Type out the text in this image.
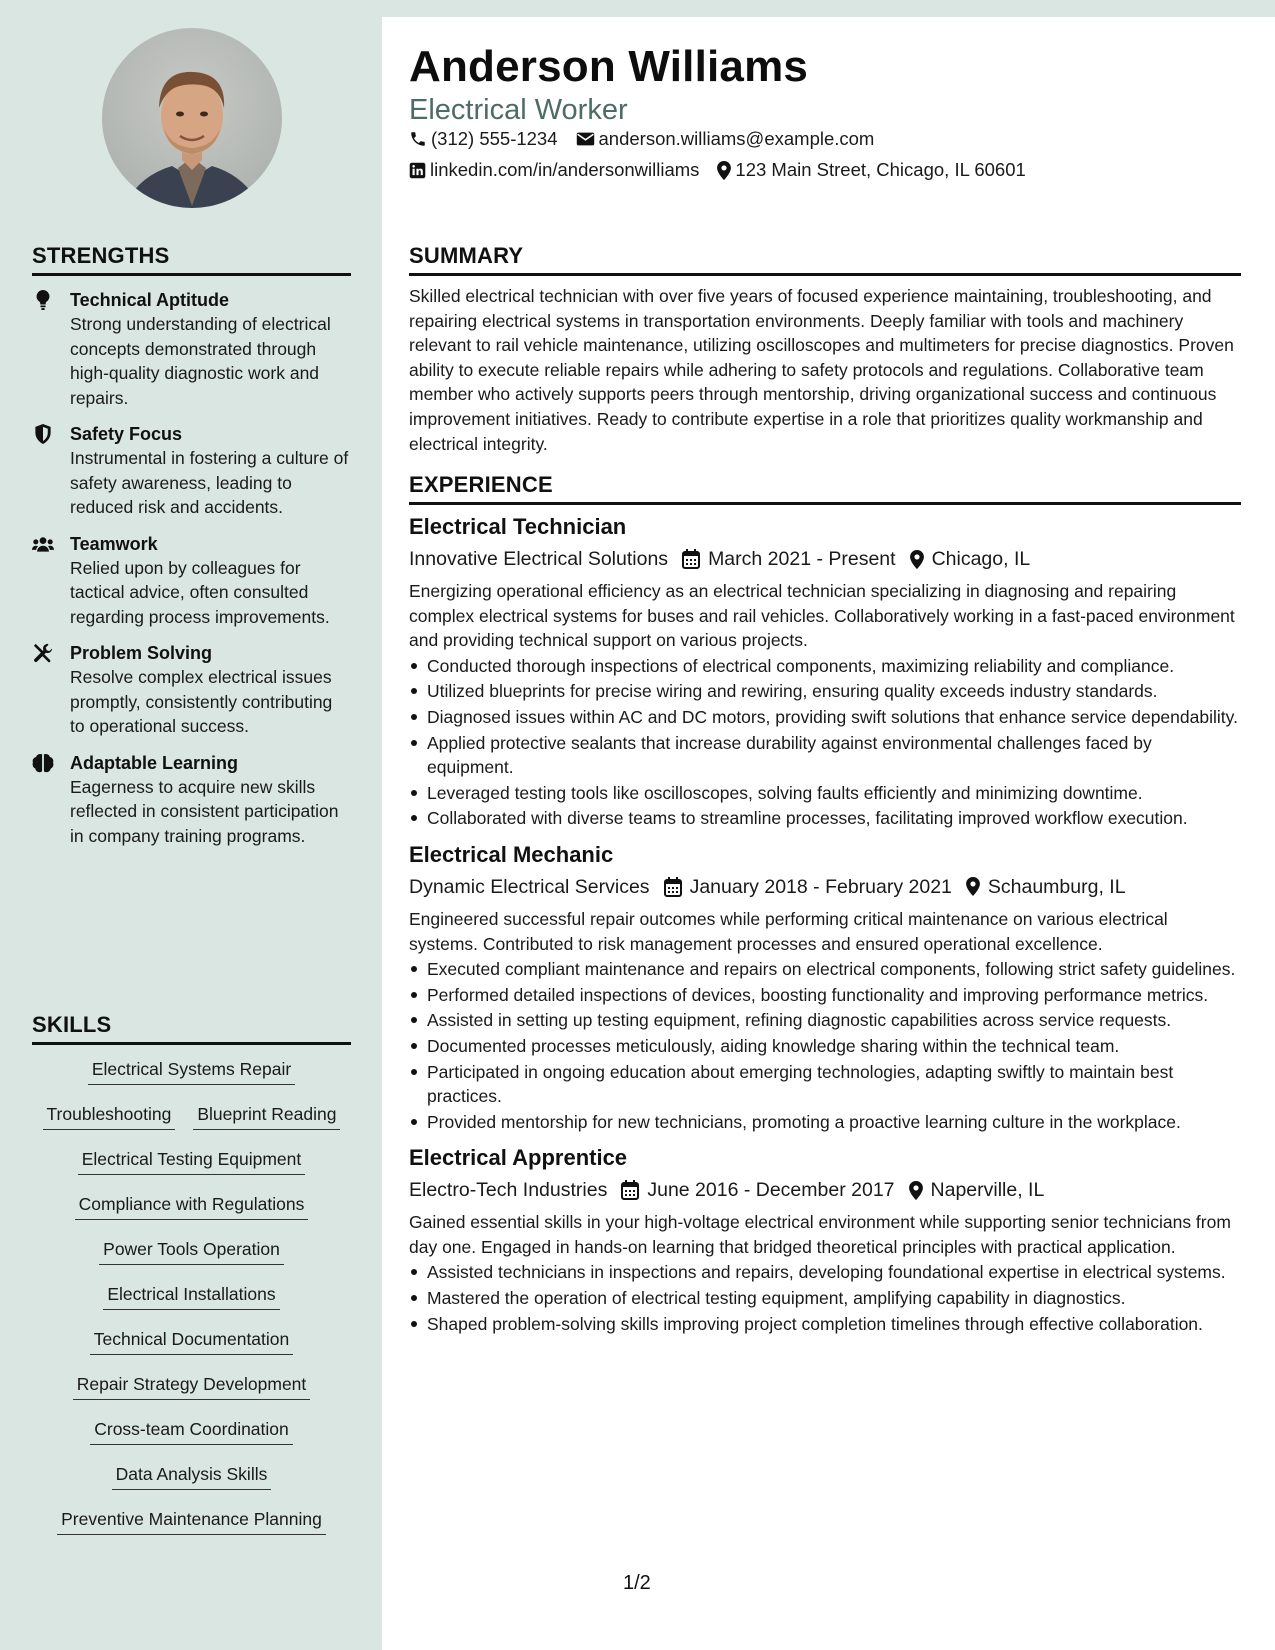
Anderson Williams
Electrical Worker
(312) 555-1234 anderson.williams@example.com
linkedin.com/in/andersonwilliams 123 Main Street, Chicago, IL 60601
STRENGTHS
Technical Aptitude
Strong understanding of electrical concepts demonstrated through high-quality diagnostic work and repairs.
Safety Focus
Instrumental in fostering a culture of safety awareness, leading to reduced risk and accidents.
Teamwork
Relied upon by colleagues for tactical advice, often consulted regarding process improvements.
Problem Solving
Resolve complex electrical issues promptly, consistently contributing to operational success.
Adaptable Learning
Eagerness to acquire new skills reflected in consistent participation in company training programs.
SKILLS
Electrical Systems Repair
Troubleshooting Blueprint Reading
Electrical Testing Equipment
Compliance with Regulations
Power Tools Operation
Electrical Installations
Technical Documentation
Repair Strategy Development
Cross-team Coordination
Data Analysis Skills
Preventive Maintenance Planning
SUMMARY
Skilled electrical technician with over five years of focused experience maintaining, troubleshooting, and repairing electrical systems in transportation environments. Deeply familiar with tools and machinery relevant to rail vehicle maintenance, utilizing oscilloscopes and multimeters for precise diagnostics. Proven ability to execute reliable repairs while adhering to safety protocols and regulations. Collaborative team member who actively supports peers through mentorship, driving organizational success and continuous improvement initiatives. Ready to contribute expertise in a role that prioritizes quality workmanship and electrical integrity.
EXPERIENCE
Electrical Technician
Innovative Electrical Solutions March 2021 - Present Chicago, IL
Energizing operational efficiency as an electrical technician specializing in diagnosing and repairing complex electrical systems for buses and rail vehicles. Collaboratively working in a fast-paced environment and providing technical support on various projects.
Conducted thorough inspections of electrical components, maximizing reliability and compliance.
Utilized blueprints for precise wiring and rewiring, ensuring quality exceeds industry standards.
Diagnosed issues within AC and DC motors, providing swift solutions that enhance service dependability.
Applied protective sealants that increase durability against environmental challenges faced by equipment.
Leveraged testing tools like oscilloscopes, solving faults efficiently and minimizing downtime.
Collaborated with diverse teams to streamline processes, facilitating improved workflow execution.
Electrical Mechanic
Dynamic Electrical Services January 2018 - February 2021 Schaumburg, IL
Engineered successful repair outcomes while performing critical maintenance on various electrical systems. Contributed to risk management processes and ensured operational excellence.
Executed compliant maintenance and repairs on electrical components, following strict safety guidelines.
Performed detailed inspections of devices, boosting functionality and improving performance metrics.
Assisted in setting up testing equipment, refining diagnostic capabilities across service requests.
Documented processes meticulously, aiding knowledge sharing within the technical team.
Participated in ongoing education about emerging technologies, adapting swiftly to maintain best practices.
Provided mentorship for new technicians, promoting a proactive learning culture in the workplace.
Electrical Apprentice
Electro-Tech Industries June 2016 - December 2017 Naperville, IL
Gained essential skills in your high-voltage electrical environment while supporting senior technicians from day one. Engaged in hands-on learning that bridged theoretical principles with practical application.
Assisted technicians in inspections and repairs, developing foundational expertise in electrical systems.
Mastered the operation of electrical testing equipment, amplifying capability in diagnostics.
Shaped problem-solving skills improving project completion timelines through effective collaboration.
1/2
